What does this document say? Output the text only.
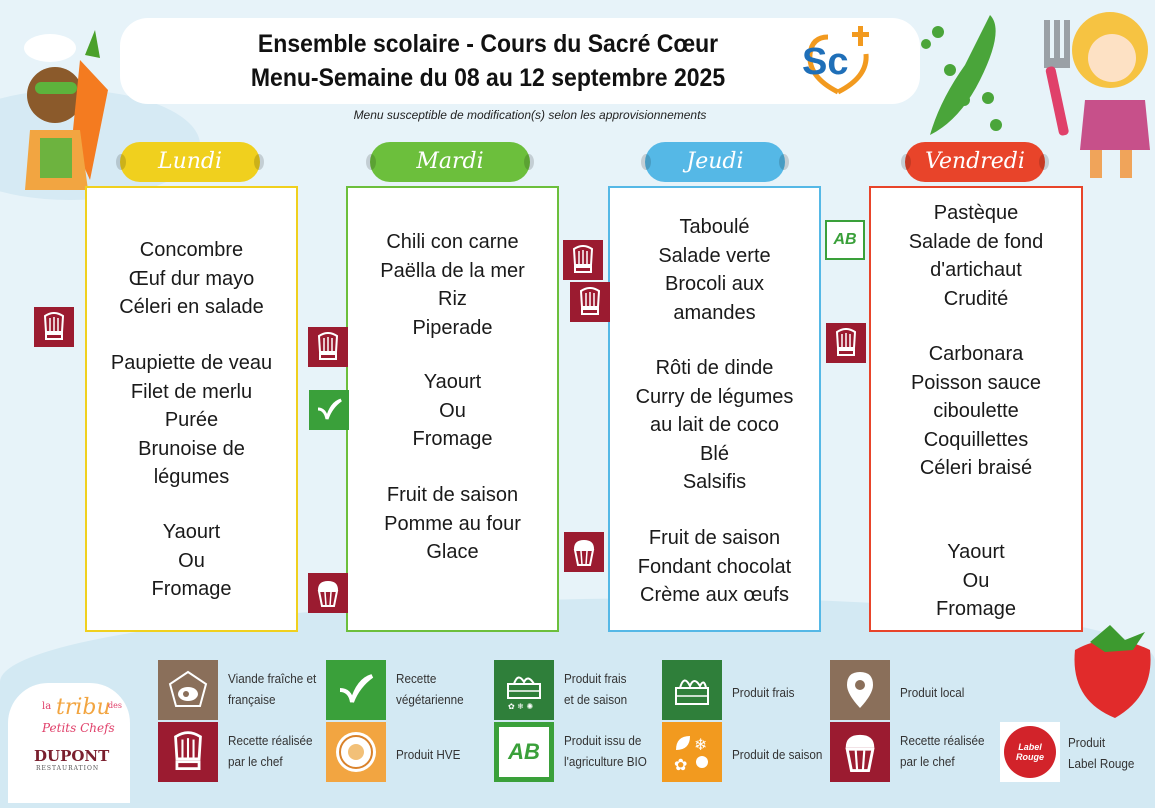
Ensemble scolaire - Cours du Sacré Cœur
Menu-Semaine du 08 au 12 septembre 2025
Menu susceptible de modification(s) selon les approvisionnements
Sc
Lundi	Mardi	Jeudi	Vendredi
Concombre
Œuf dur mayo
Céleri en salade
Paupiette de veau
Filet de merlu
Purée
Brunoise de
légumes
Yaourt
Ou
Fromage
Chili con carne
Paëlla de la mer
Riz
Piperade
Yaourt
Ou
Fromage
Fruit de saison
Pomme au four
Glace
Taboulé
Salade verte
Brocoli aux
amandes
Rôti de dinde
Curry de légumes
au lait de coco
Blé
Salsifis
Fruit de saison
Fondant chocolat
Crème aux œufs
Pastèque
Salade de fond
d'artichaut
Crudité
Carbonara
Poisson sauce
ciboulette
Coquillettes
Céleri braisé
Yaourt
Ou
Fromage
AB
la tribu
des
Petits Chefs
DUPONT
RESTAURATION
Viande fraîche et
française
Recette
végétarienne	✿ ❄ ✺
Produit frais
et de saison	Produit frais	Produit local
Recette réalisée
par le chef	Produit HVE AB Produit issu de
l'agriculture BIO
❄
✿
Produit de saison
Recette réalisée
par le chef
Label Rouge
Produit
Label Rouge
